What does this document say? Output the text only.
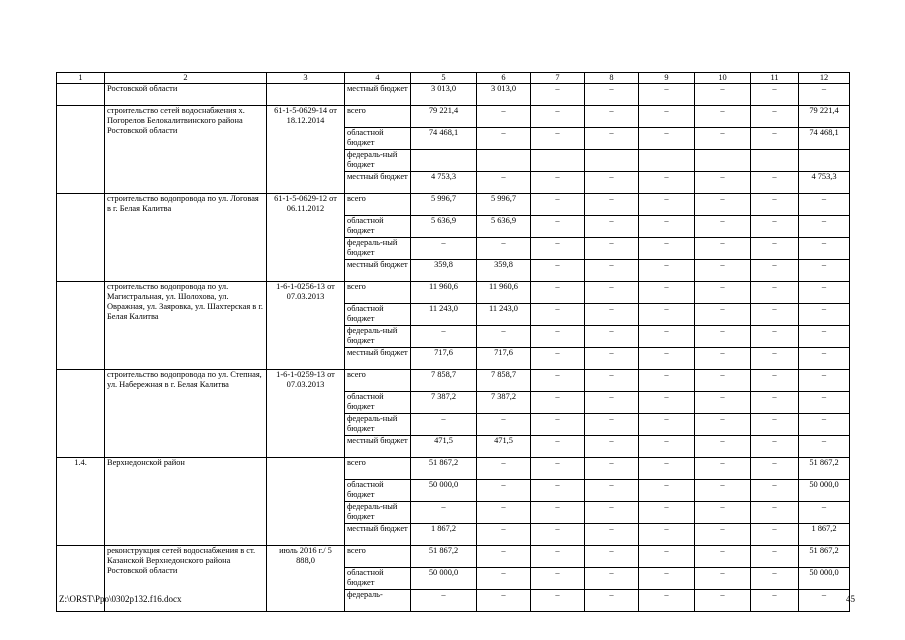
1	2	3	4	5	6	7	8	9	10	11	12
	Ростовской области		местный бюджет	3 013,0	3 013,0	–	–	–	–	–	–
	строительство сетей водоснабжения х. Погорелов Белокалитвинского района Ростовской области	61-1-5-0629-14 от 18.12.2014	всего	79 221,4	–	–	–	–	–	–	79 221,4
			областной бюджет	74 468,1	–	–	–	–	–	–	74 468,1
			федераль-ный бюджет								
			местный бюджет	4 753,3	–	–	–	–	–	–	4 753,3
	строительство водопровода по ул. Логовая в г. Белая Калитва	61-1-5-0629-12 от 06.11.2012	всего	5 996,7	5 996,7	–	–	–	–	–	–
			областной бюджет	5 636,9	5 636,9	–	–	–	–	–	–
			федераль-ный бюджет	–	–	–	–	–	–	–	–
			местный бюджет	359,8	359,8	–	–	–	–	–	–
	строительство водопровода по ул. Магистральная, ул. Шолохова, ул. Овражная, ул. Заяровка, ул. Шахтерская в г. Белая Калитва	1-6-1-0256-13 от 07.03.2013	всего	11 960,6	11 960,6	–	–	–	–	–	–
			областной бюджет	11 243,0	11 243,0	–	–	–	–	–	–
			федераль-ный бюджет	–	–	–	–	–	–	–	–
			местный бюджет	717,6	717,6	–	–	–	–	–	–
	строительство водопровода по ул. Степная, ул. Набережная в г. Белая Калитва	1-6-1-0259-13 от 07.03.2013	всего	7 858,7	7 858,7	–	–	–	–	–	–
			областной бюджет	7 387,2	7 387,2	–	–	–	–	–	–
			федераль-ный бюджет	–	–	–	–	–	–	–	–
			местный бюджет	471,5	471,5	–	–	–	–	–	–
1.4.	Верхнедонской район		всего	51 867,2	–	–	–	–	–	–	51 867,2
			областной бюджет	50 000,0	–	–	–	–	–	–	50 000,0
			федераль-ный бюджет	–	–	–	–	–	–	–	–
			местный бюджет	1 867,2	–	–	–	–	–	–	1 867,2
	реконструкция сетей водоснабжения в ст. Казанской Верхнедонского района Ростовской области	июль 2016 г./ 5 888,0	всего	51 867,2	–	–	–	–	–	–	51 867,2
			областной бюджет	50 000,0	–	–	–	–	–	–	50 000,0
			федераль-	–	–	–	–	–	–	–	–
Z:\ORST\Ppo\0302p132.f16.docx	45
